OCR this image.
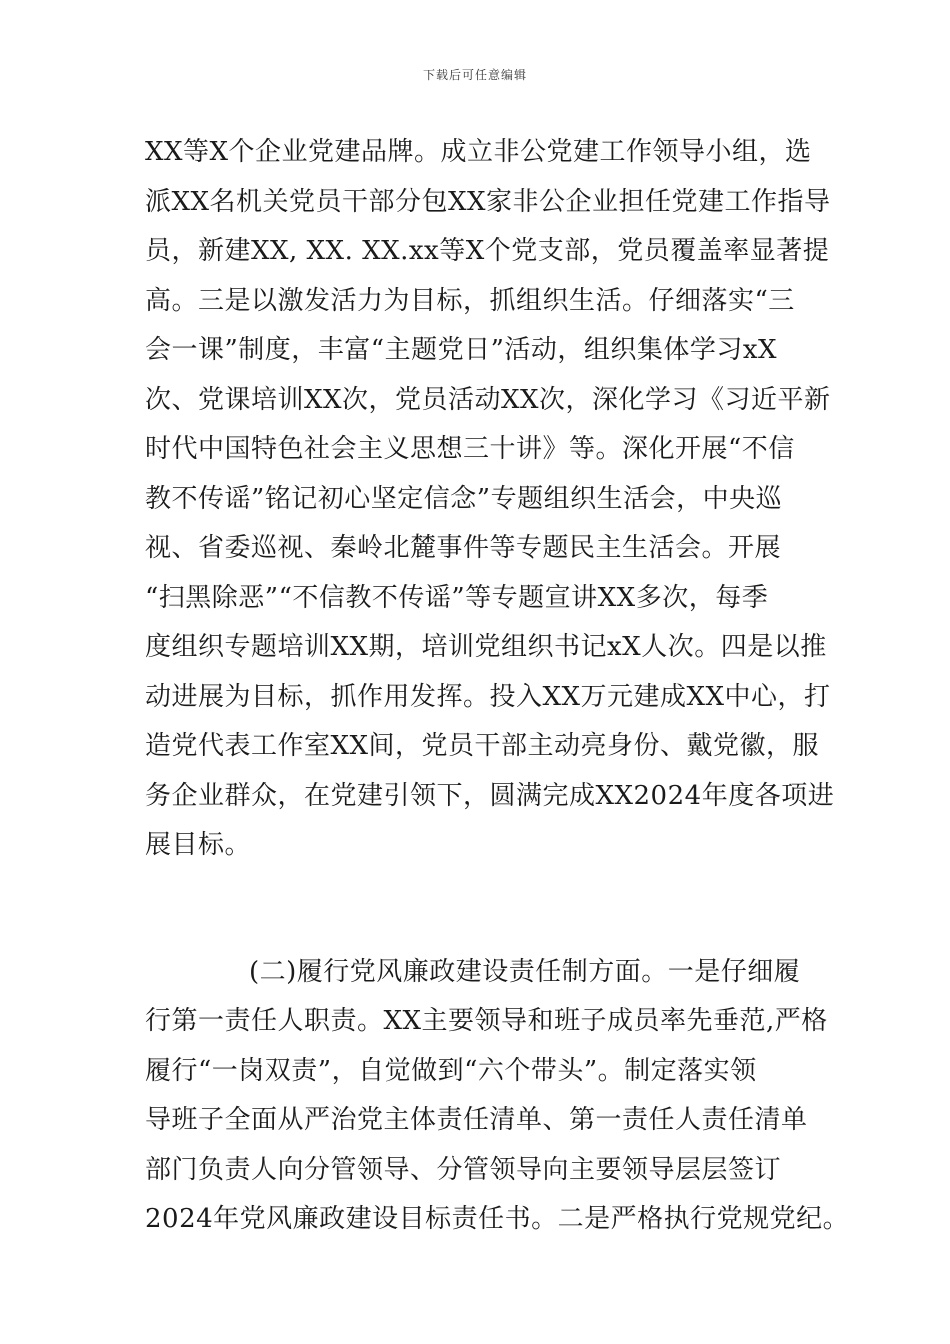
下载后可任意编辑
XX等X个企业党建品牌。成立非公党建工作领导小组，选
派XX名机关党员干部分包XX家非公企业担任党建工作指导
员，新建XX, XX. XX.xx等X个党支部，党员覆盖率显著提
高。三是以激发活力为目标，抓组织生活。仔细落实“三
会一课”制度，丰富“主题党日”活动，组织集体学习xX
次、党课培训XX次，党员活动XX次，深化学习《习近平新
时代中国特色社会主义思想三十讲》等。深化开展“不信
教不传谣”铭记初心坚定信念”专题组织生活会，中央巡
视、省委巡视、秦岭北麓事件等专题民主生活会。开展
“扫黑除恶”“不信教不传谣”等专题宣讲XX多次，每季
度组织专题培训XX期，培训党组织书记xX人次。四是以推
动进展为目标，抓作用发挥。投入XX万元建成XX中心，打
造党代表工作室XX间，党员干部主动亮身份、戴党徽，服
务企业群众，在党建引领下，圆满完成XX2024年度各项进
展目标。
(二)履行党风廉政建设责任制方面。一是仔细履
行第一责任人职责。XX主要领导和班子成员率先垂范,严格
履行“一岗双责”，自觉做到“六个带头”。制定落实领
导班子全面从严治党主体责任清单、第一责任人责任清单
部门负责人向分管领导、分管领导向主要领导层层签订
2024年党风廉政建设目标责任书。二是严格执行党规党纪。
